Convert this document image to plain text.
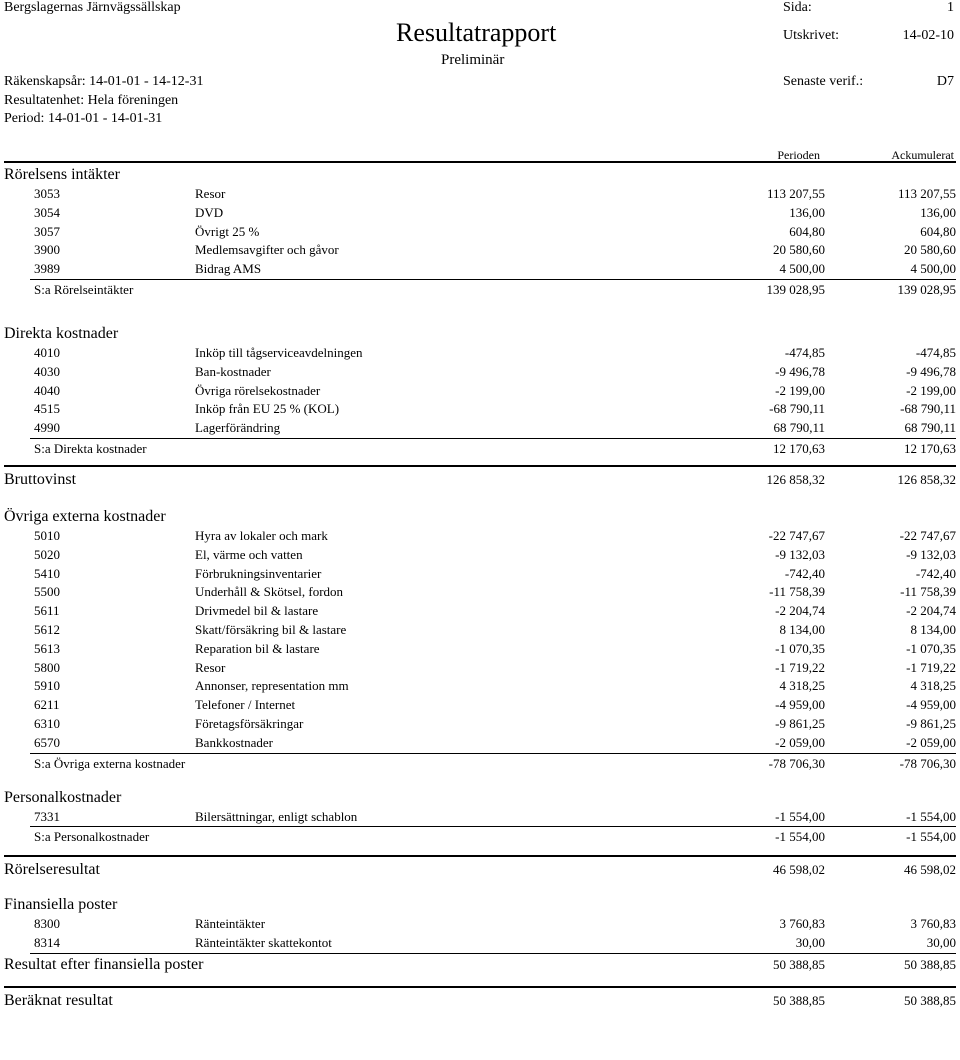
Bergslagernas Järnvägssällskap	Sida:	1
Resultatrapport
Preliminär
Utskrivet:	14-02-10
Senaste verif.:	D7
Räkenskapsår: 14-01-01 - 14-12-31
Resultatenhet: Hela föreningen
Period: 14-01-01 - 14-01-31
Perioden	Ackumulerat
Rörelsens intäkter
3053	Resor	113 207,55	113 207,55
3054	DVD	136,00	136,00
3057	Övrigt 25 %	604,80	604,80
3900	Medlemsavgifter och gåvor	20 580,60	20 580,60
3989	Bidrag AMS	4 500,00	4 500,00
S:a Rörelseintäkter	139 028,95	139 028,95
Direkta kostnader
4010	Inköp till tågserviceavdelningen	-474,85	-474,85
4030	Ban-kostnader	-9 496,78	-9 496,78
4040	Övriga rörelsekostnader	-2 199,00	-2 199,00
4515	Inköp från EU 25 % (KOL)	-68 790,11	-68 790,11
4990	Lagerförändring	68 790,11	68 790,11
S:a Direkta kostnader	12 170,63	12 170,63
Bruttovinst	126 858,32	126 858,32
Övriga externa kostnader
5010	Hyra av lokaler och mark	-22 747,67	-22 747,67
5020	El, värme och vatten	-9 132,03	-9 132,03
5410	Förbrukningsinventarier	-742,40	-742,40
5500	Underhåll & Skötsel, fordon	-11 758,39	-11 758,39
5611	Drivmedel bil & lastare	-2 204,74	-2 204,74
5612	Skatt/försäkring bil & lastare	8 134,00	8 134,00
5613	Reparation bil & lastare	-1 070,35	-1 070,35
5800	Resor	-1 719,22	-1 719,22
5910	Annonser, representation mm	4 318,25	4 318,25
6211	Telefoner / Internet	-4 959,00	-4 959,00
6310	Företagsförsäkringar	-9 861,25	-9 861,25
6570	Bankkostnader	-2 059,00	-2 059,00
S:a Övriga externa kostnader	-78 706,30	-78 706,30
Personalkostnader
7331	Bilersättningar, enligt schablon	-1 554,00	-1 554,00
S:a Personalkostnader	-1 554,00	-1 554,00
Rörelseresultat	46 598,02	46 598,02
Finansiella poster
8300	Ränteintäkter	3 760,83	3 760,83
8314	Ränteintäkter skattekontot	30,00	30,00
Resultat efter finansiella poster	50 388,85	50 388,85
Beräknat resultat	50 388,85	50 388,85
